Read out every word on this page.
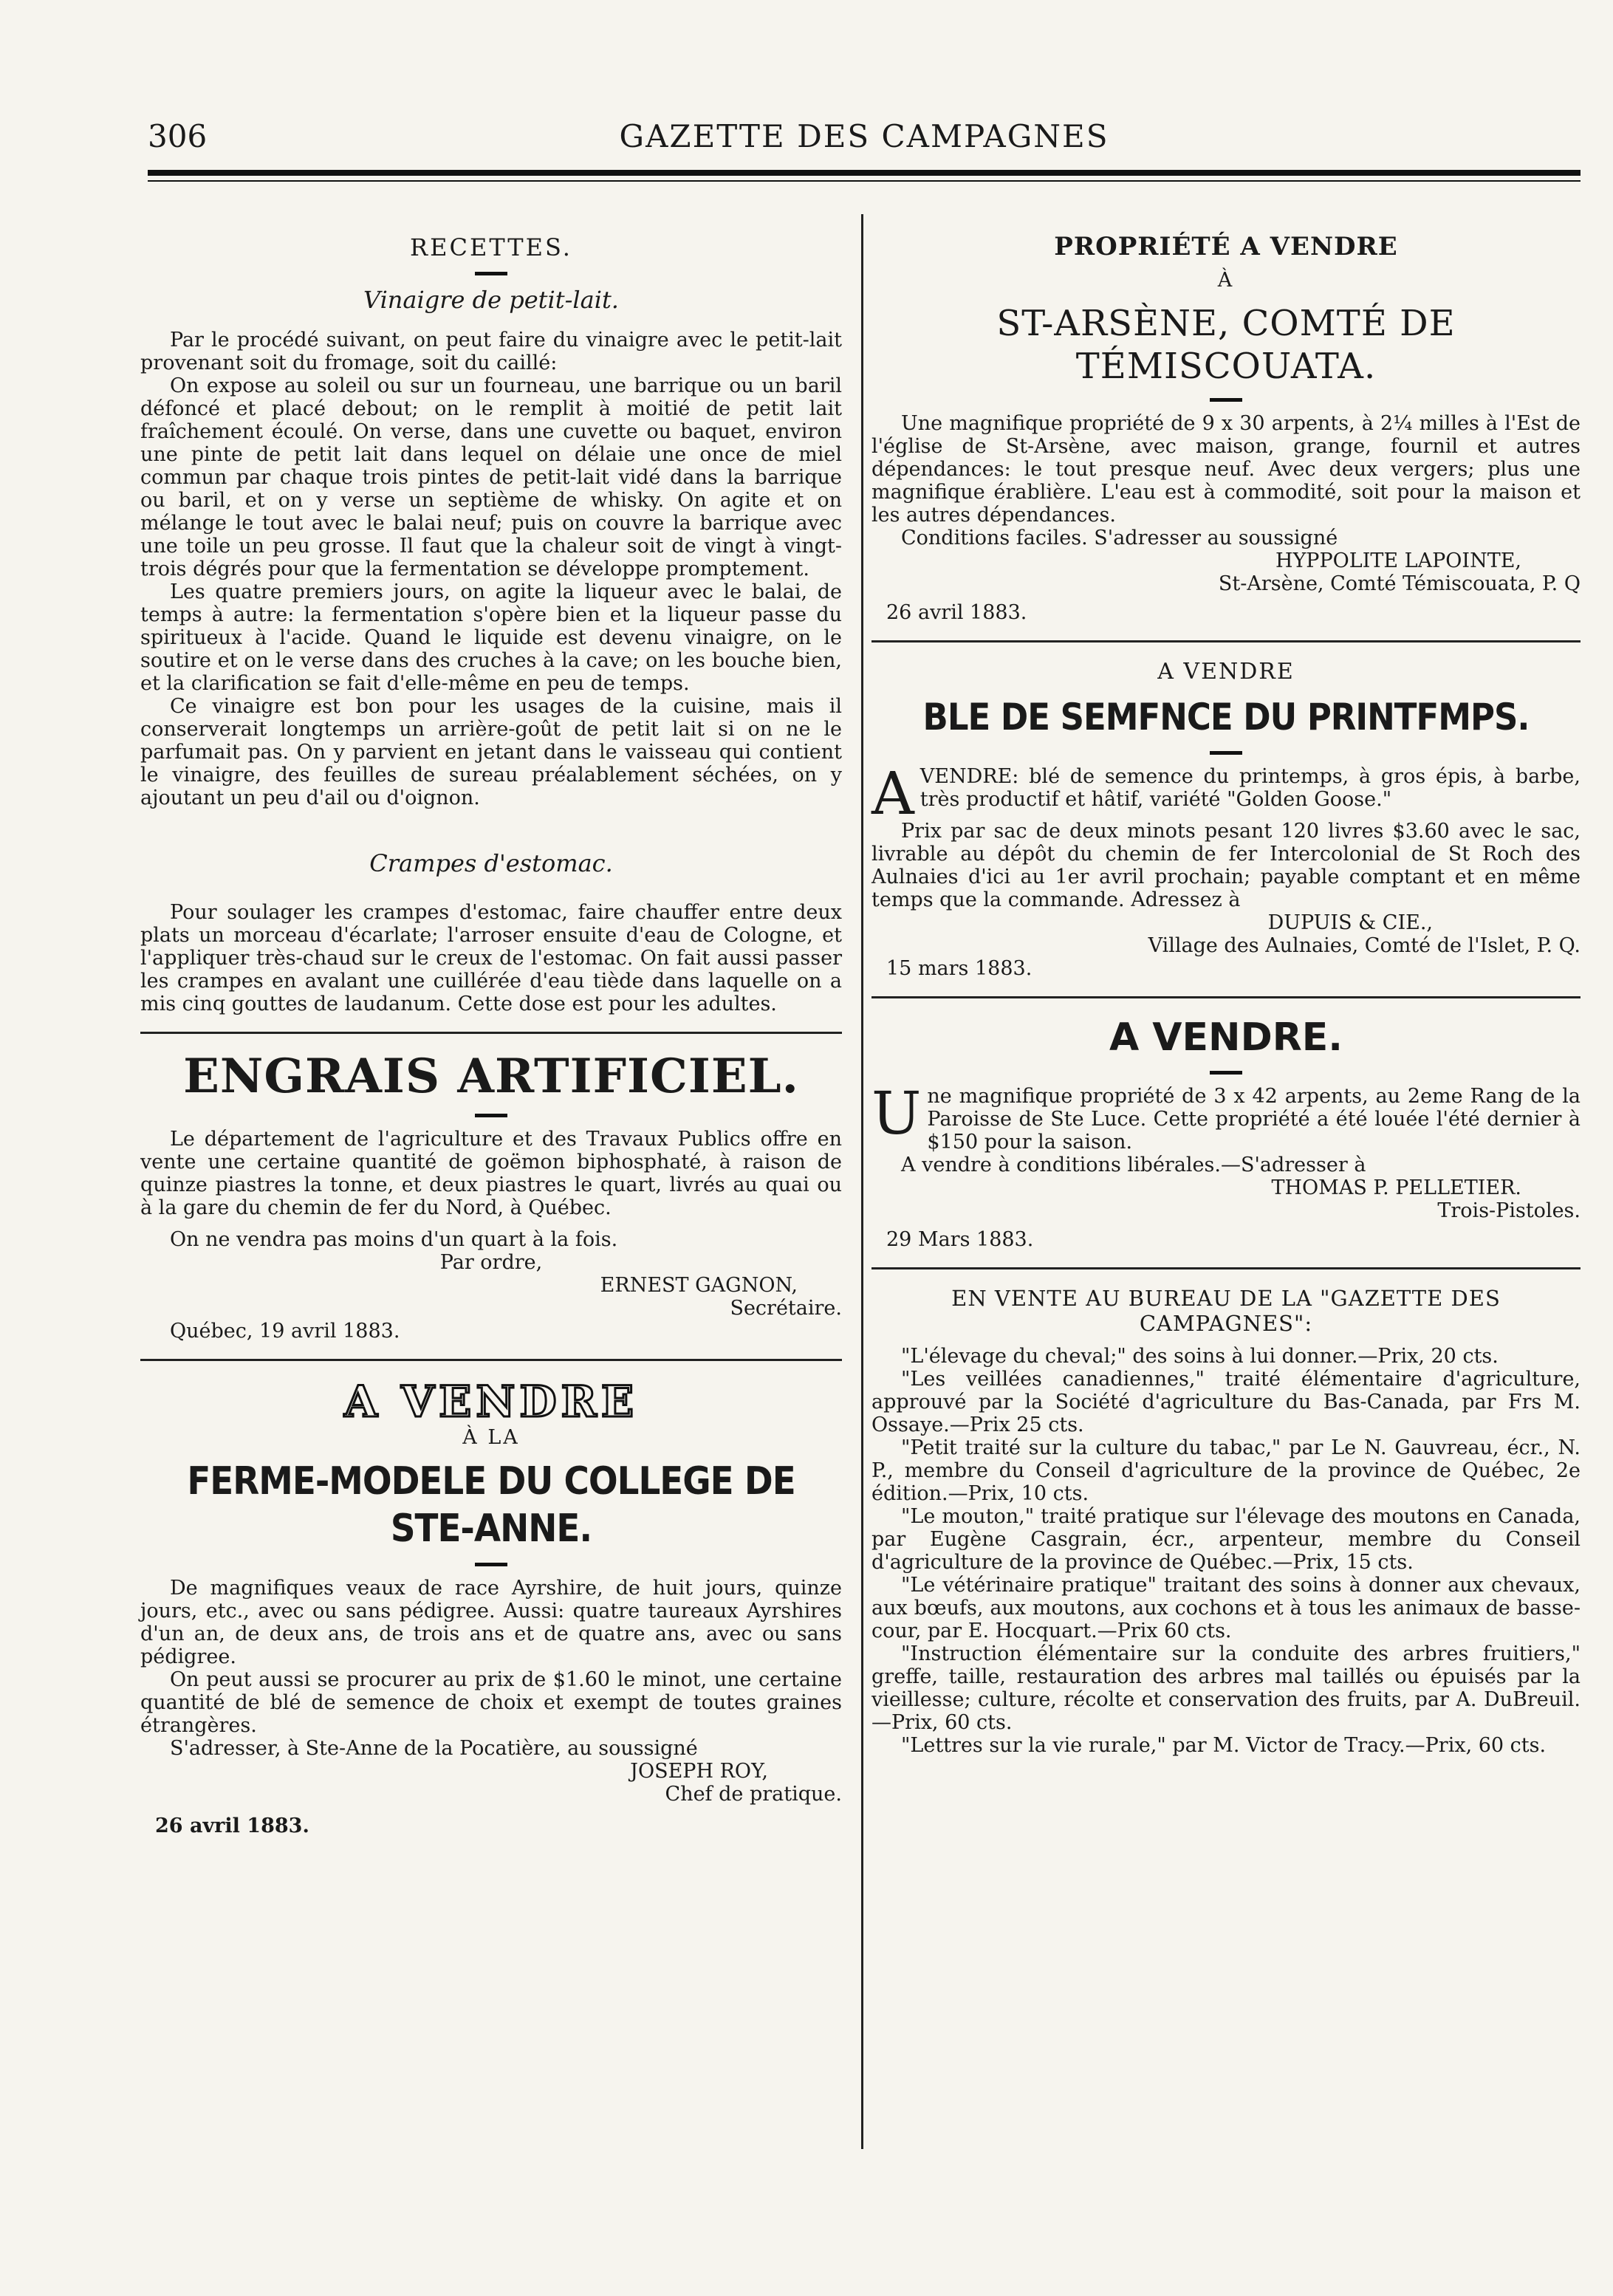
306	GAZETTE DES CAMPAGNES
RECETTES.
Vinaigre de petit-lait.

Par le procédé suivant, on peut faire du vinaigre avec le petit-lait provenant soit du fromage, soit du caillé:

On expose au soleil ou sur un fourneau, une barrique ou un baril défoncé et placé debout; on le remplit à moitié de petit lait fraîchement écoulé. On verse, dans une cuvette ou baquet, environ une pinte de petit lait dans lequel on délaie une once de miel commun par chaque trois pintes de petit-lait vidé dans la barrique ou baril, et on y verse un septième de whisky. On agite et on mélange le tout avec le balai neuf; puis on couvre la barrique avec une toile un peu grosse. Il faut que la chaleur soit de vingt à vingt-trois dégrés pour que la fermentation se développe promptement.

Les quatre premiers jours, on agite la liqueur avec le balai, de temps à autre: la fermentation s'opère bien et la liqueur passe du spiritueux à l'acide. Quand le liquide est devenu vinaigre, on le soutire et on le verse dans des cruches à la cave; on les bouche bien, et la clarification se fait d'elle-même en peu de temps.

Ce vinaigre est bon pour les usages de la cuisine, mais il conserverait longtemps un arrière-goût de petit lait si on ne le parfumait pas. On y parvient en jetant dans le vaisseau qui contient le vinaigre, des feuilles de sureau préalablement séchées, on y ajoutant un peu d'ail ou d'oignon.

Crampes d'estomac.

Pour soulager les crampes d'estomac, faire chauffer entre deux plats un morceau d'écarlate; l'arroser ensuite d'eau de Cologne, et l'appliquer très-chaud sur le creux de l'estomac. On fait aussi passer les crampes en avalant une cuillérée d'eau tiède dans laquelle on a mis cinq gouttes de laudanum. Cette dose est pour les adultes.

ENGRAIS ARTIFICIEL.

Le département de l'agriculture et des Travaux Publics offre en vente une certaine quantité de goëmon biphosphaté, à raison de quinze piastres la tonne, et deux piastres le quart, livrés au quai ou à la gare du chemin de fer du Nord, à Québec.

On ne vendra pas moins d'un quart à la fois.

Par ordre,

ERNEST GAGNON,

Secrétaire.

Québec, 19 avril 1883.

A VENDRE
À LA
FERME-MODELE DU COLLEGE DE STE-ANNE.

De magnifiques veaux de race Ayrshire, de huit jours, quinze jours, etc., avec ou sans pédigree. Aussi: quatre taureaux Ayrshires d'un an, de deux ans, de trois ans et de quatre ans, avec ou sans pédigree.

On peut aussi se procurer au prix de $1.60 le minot, une certaine quantité de blé de semence de choix et exempt de toutes graines étrangères.

S'adresser, à Ste-Anne de la Pocatière, au soussigné

JOSEPH ROY,

Chef de pratique.

26 avril 1883.

PROPRIÉTÉ A VENDRE
À
ST-ARSÈNE, COMTÉ DE TÉMISCOUATA.

Une magnifique propriété de 9 x 30 arpents, à 2¼ milles à l'Est de l'église de St-Arsène, avec maison, grange, fournil et autres dépendances: le tout presque neuf. Avec deux vergers; plus une magnifique érablière. L'eau est à commodité, soit pour la maison et les autres dépendances.

Conditions faciles. S'adresser au soussigné

HYPPOLITE LAPOINTE,

St-Arsène, Comté Témiscouata, P. Q

26 avril 1883.

A VENDRE
BLE DE SEMFNCE DU PRINTFMPS.

AVENDRE: blé de semence du printemps, à gros épis, à barbe, très productif et hâtif, variété "Golden Goose."

Prix par sac de deux minots pesant 120 livres $3.60 avec le sac, livrable au dépôt du chemin de fer Intercolonial de St Roch des Aulnaies d'ici au 1er avril prochain; payable comptant et en même temps que la commande. Adressez à

DUPUIS & CIE.,

Village des Aulnaies, Comté de l'Islet, P. Q.

15 mars 1883.

A VENDRE.

Une magnifique propriété de 3 x 42 arpents, au 2eme Rang de la Paroisse de Ste Luce. Cette propriété a été louée l'été dernier à $150 pour la saison.

A vendre à conditions libérales.—S'adresser à

THOMAS P. PELLETIER.

Trois-Pistoles.

29 Mars 1883.

EN VENTE AU BUREAU DE LA "GAZETTE DES CAMPAGNES":

"L'élevage du cheval;" des soins à lui donner.—Prix, 20 cts.

"Les veillées canadiennes," traité élémentaire d'agriculture, approuvé par la Société d'agriculture du Bas-Canada, par Frs M. Ossaye.—Prix 25 cts.

"Petit traité sur la culture du tabac," par Le N. Gauvreau, écr., N. P., membre du Conseil d'agriculture de la province de Québec, 2e édition.—Prix, 10 cts.

"Le mouton," traité pratique sur l'élevage des moutons en Canada, par Eugène Casgrain, écr., arpenteur, membre du Conseil d'agriculture de la province de Québec.—Prix, 15 cts.

"Le vétérinaire pratique" traitant des soins à donner aux chevaux, aux bœufs, aux moutons, aux cochons et à tous les animaux de basse-cour, par E. Hocquart.—Prix 60 cts.

"Instruction élémentaire sur la conduite des arbres fruitiers," greffe, taille, restauration des arbres mal taillés ou épuisés par la vieillesse; culture, récolte et conservation des fruits, par A. DuBreuil.—Prix, 60 cts.

"Lettres sur la vie rurale," par M. Victor de Tracy.—Prix, 60 cts.
